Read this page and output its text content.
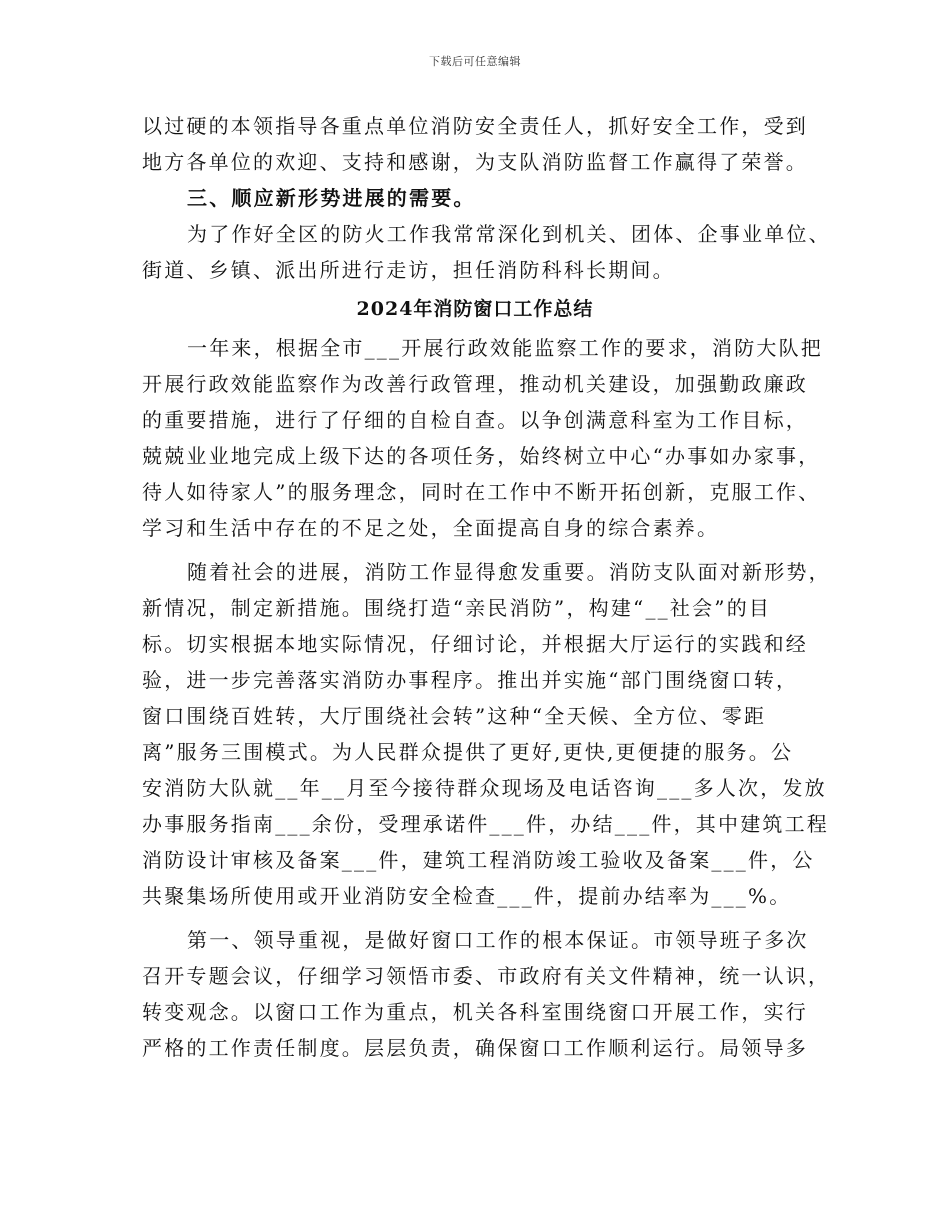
下载后可任意编辑
以过硬的本领指导各重点单位消防安全责任人，抓好安全工作，受到
地方各单位的欢迎、支持和感谢，为支队消防监督工作赢得了荣誉。
三、顺应新形势进展的需要。
为了作好全区的防火工作我常常深化到机关、团体、企事业单位、
街道、乡镇、派出所进行走访，担任消防科科长期间。
2024年消防窗口工作总结
一年来，根据全市___开展行政效能监察工作的要求，消防大队把
开展行政效能监察作为改善行政管理，推动机关建设，加强勤政廉政
的重要措施，进行了仔细的自检自查。以争创满意科室为工作目标，
兢兢业业地完成上级下达的各项任务，始终树立中心“办事如办家事，
待人如待家人”的服务理念，同时在工作中不断开拓创新，克服工作、
学习和生活中存在的不足之处，全面提高自身的综合素养。
随着社会的进展，消防工作显得愈发重要。消防支队面对新形势，
新情况，制定新措施。围绕打造“亲民消防”，构建“__社会”的目
标。切实根据本地实际情况，仔细讨论，并根据大厅运行的实践和经
验，进一步完善落实消防办事程序。推出并实施“部门围绕窗口转，
窗口围绕百姓转，大厅围绕社会转”这种“全天候、全方位、零距
离”服务三围模式。为人民群众提供了更好,更快,更便捷的服务。公
安消防大队就__年__月至今接待群众现场及电话咨询___多人次，发放
办事服务指南___余份，受理承诺件___件，办结___件，其中建筑工程
消防设计审核及备案___件，建筑工程消防竣工验收及备案___件，公
共聚集场所使用或开业消防安全检查___件，提前办结率为___%。
第一、领导重视，是做好窗口工作的根本保证。市领导班子多次
召开专题会议，仔细学习领悟市委、市政府有关文件精神，统一认识，
转变观念。以窗口工作为重点，机关各科室围绕窗口开展工作，实行
严格的工作责任制度。层层负责，确保窗口工作顺利运行。局领导多
